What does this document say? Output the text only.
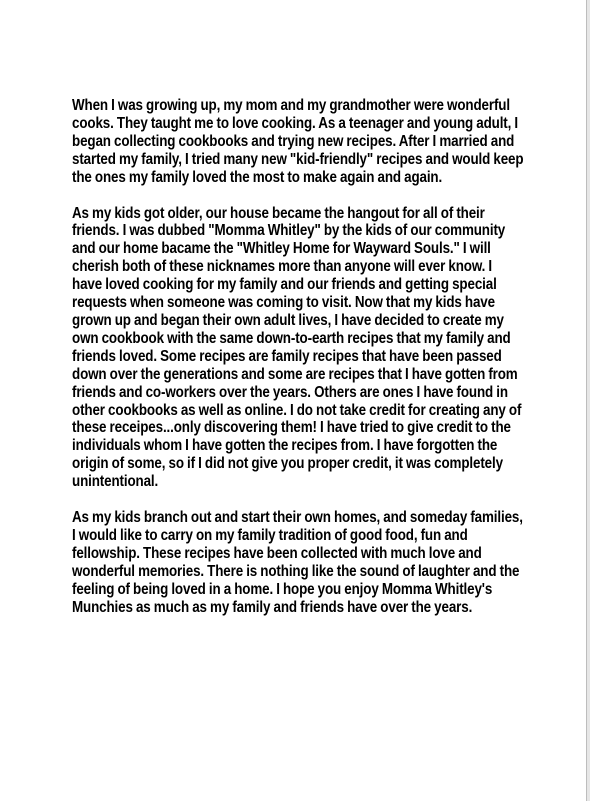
When I was growing up, my mom and my grandmother were wonderful cooks. They taught me to love cooking. As a teenager and young adult, I began collecting cookbooks and trying new recipes. After I married and started my family, I tried many new "kid-friendly" recipes and would keep the ones my family loved the most to make again and again.

As my kids got older, our house became the hangout for all of their friends. I was dubbed "Momma Whitley" by the kids of our community and our home bacame the "Whitley Home for Wayward Souls." I will cherish both of these nicknames more than anyone will ever know. I have loved cooking for my family and our friends and getting special requests when someone was coming to visit. Now that my kids have grown up and began their own adult lives, I have decided to create my own cookbook with the same down-to-earth recipes that my family and friends loved. Some recipes are family recipes that have been passed down over the generations and some are recipes that I have gotten from friends and co-workers over the years. Others are ones I have found in other cookbooks as well as online. I do not take credit for creating any of these receipes...only discovering them! I have tried to give credit to the individuals whom I have gotten the recipes from. I have forgotten the origin of some, so if I did not give you proper credit, it was completely unintentional.

As my kids branch out and start their own homes, and someday families, I would like to carry on my family tradition of good food, fun and fellowship. These recipes have been collected with much love and wonderful memories. There is nothing like the sound of laughter and the feeling of being loved in a home. I hope you enjoy Momma Whitley's Munchies as much as my family and friends have over the years.
